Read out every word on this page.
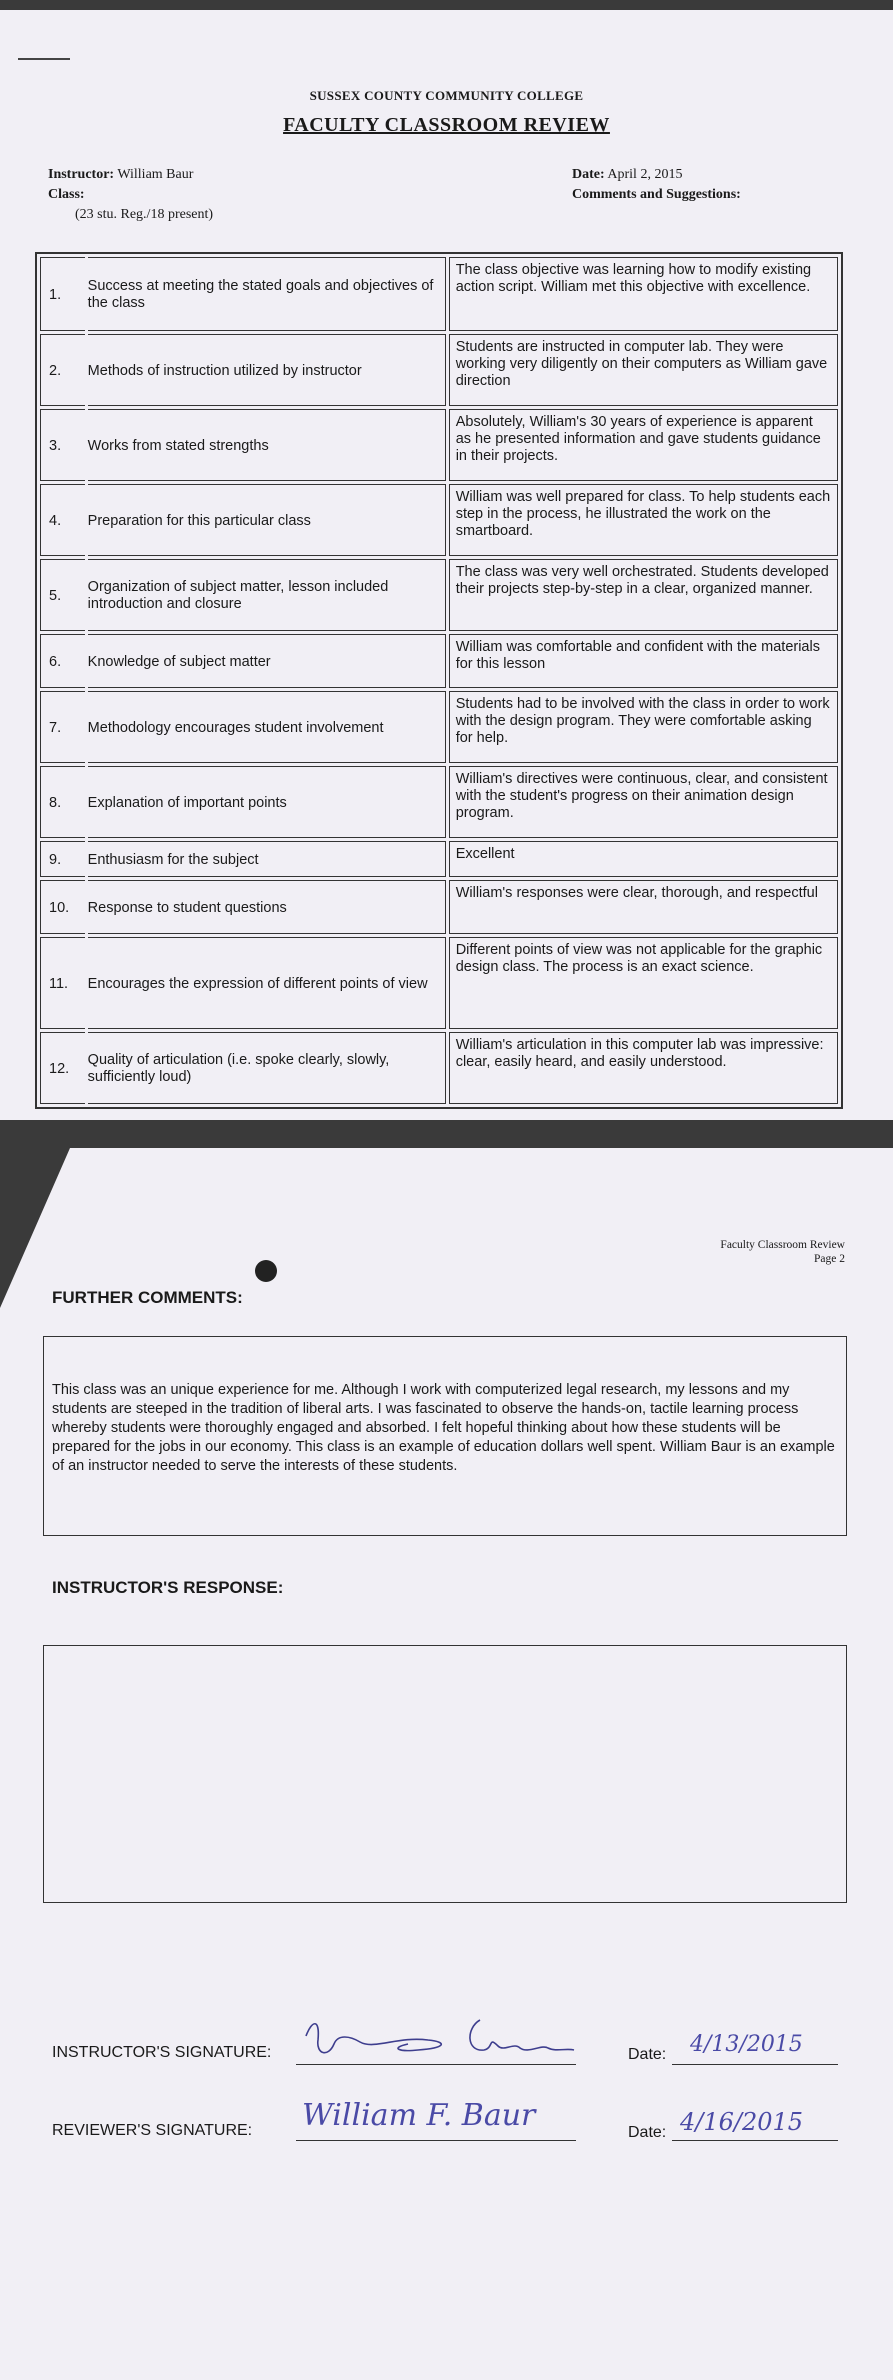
SUSSEX COUNTY COMMUNITY COLLEGE
FACULTY CLASSROOM REVIEW
Instructor: William Baur
Class:
(23 stu. Reg./18 present)
Date: April 2, 2015
Comments and Suggestions:
1.	Success at meeting the stated goals and objectives of the class	The class objective was learning how to modify existing action script. William met this objective with excellence.
2.	Methods of instruction utilized by instructor	Students are instructed in computer lab. They were working very diligently on their computers as William gave direction
3.	Works from stated strengths	Absolutely, William's 30 years of experience is apparent as he presented information and gave students guidance in their projects.
4.	Preparation for this particular class	William was well prepared for class. To help students each step in the process, he illustrated the work on the smartboard.
5.	Organization of subject matter, lesson included introduction and closure	The class was very well orchestrated. Students developed their projects step-by-step in a clear, organized manner.
6.	Knowledge of subject matter	William was comfortable and confident with the materials for this lesson
7.	Methodology encourages student involvement	Students had to be involved with the class in order to work with the design program. They were comfortable asking for help.
8.	Explanation of important points	William's directives were continuous, clear, and consistent with the student's progress on their animation design program.
9.	Enthusiasm for the subject	Excellent
10.	Response to student questions	William's responses were clear, thorough, and respectful
11.	Encourages the expression of different points of view	Different points of view was not applicable for the graphic design class. The process is an exact science.
12.	Quality of articulation (i.e. spoke clearly, slowly, sufficiently loud)	William's articulation in this computer lab was impressive: clear, easily heard, and easily understood.
Faculty Classroom Review
Page 2
FURTHER COMMENTS:
This class was an unique experience for me. Although I work with computerized legal research, my lessons and my students are steeped in the tradition of liberal arts. I was fascinated to observe the hands-on, tactile learning process whereby students were thoroughly engaged and absorbed. I felt hopeful thinking about how these students will be prepared for the jobs in our economy. This class is an example of education dollars well spent. William Baur is an example of an instructor needed to serve the interests of these students.
INSTRUCTOR'S RESPONSE:
INSTRUCTOR'S SIGNATURE:	Date: 4/13/2015
REVIEWER'S SIGNATURE: William F. Baur	Date: 4/16/2015
